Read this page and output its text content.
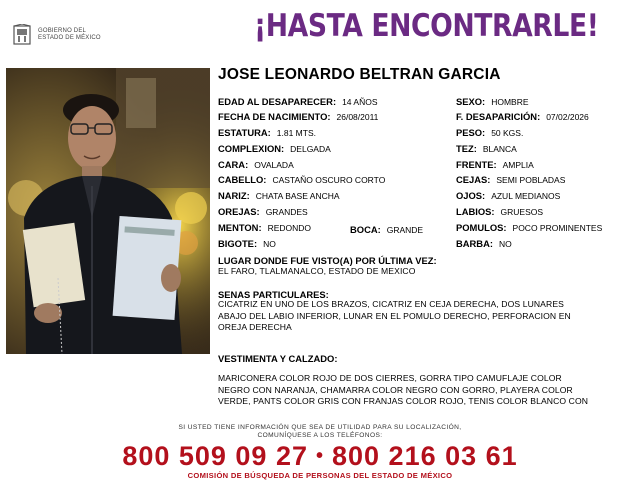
GOBIERNO DEL
ESTADO DE MÉXICO	¡HASTA ENCONTRARLE!
JOSE LEONARDO BELTRAN GARCIA
EDAD AL DESAPARECER: 14 AÑOS
FECHA DE NACIMIENTO: 26/08/2011
ESTATURA: 1.81 MTS.
COMPLEXION: DELGADA
CARA: OVALADA
CABELLO: CASTAÑO OSCURO CORTO
NARIZ: CHATA BASE ANCHA
OREJAS: GRANDES
MENTON: REDONDO
BIGOTE: NO
BOCA: GRANDE
SEXO: HOMBRE
F. DESAPARICIÓN: 07/02/2026
PESO: 50 KGS.
TEZ: BLANCA
FRENTE: AMPLIA
CEJAS: SEMI POBLADAS
OJOS: AZUL MEDIANOS
LABIOS: GRUESOS
POMULOS: POCO PROMINENTES
BARBA: NO
LUGAR DONDE FUE VISTO(A) POR ÚLTIMA VEZ:
EL FARO, TLALMANALCO, ESTADO DE MEXICO
SENAS PARTICULARES:
CICATRIZ EN UNO DE LOS BRAZOS, CICATRIZ EN CEJA DERECHA, DOS LUNARES
ABAJO DEL LABIO INFERIOR, LUNAR EN EL POMULO DERECHO, PERFORACION EN
OREJA DERECHA
VESTIMENTA Y CALZADO:
MARICONERA COLOR ROJO DE DOS CIERRES, GORRA TIPO CAMUFLAJE COLOR
NEGRO CON NARANJA, CHAMARRA COLOR NEGRO CON GORRO, PLAYERA COLOR
VERDE, PANTS COLOR GRIS CON FRANJAS COLOR ROJO, TENIS COLOR BLANCO CON
SI USTED TIENE INFORMACIÓN QUE SEA DE UTILIDAD PARA SU LOCALIZACIÓN,
COMUNÍQUESE A LOS TELÉFONOS:
800 509 09 27 • 800 216 03 61
COMISIÓN DE BÚSQUEDA DE PERSONAS DEL ESTADO DE MÉXICO
